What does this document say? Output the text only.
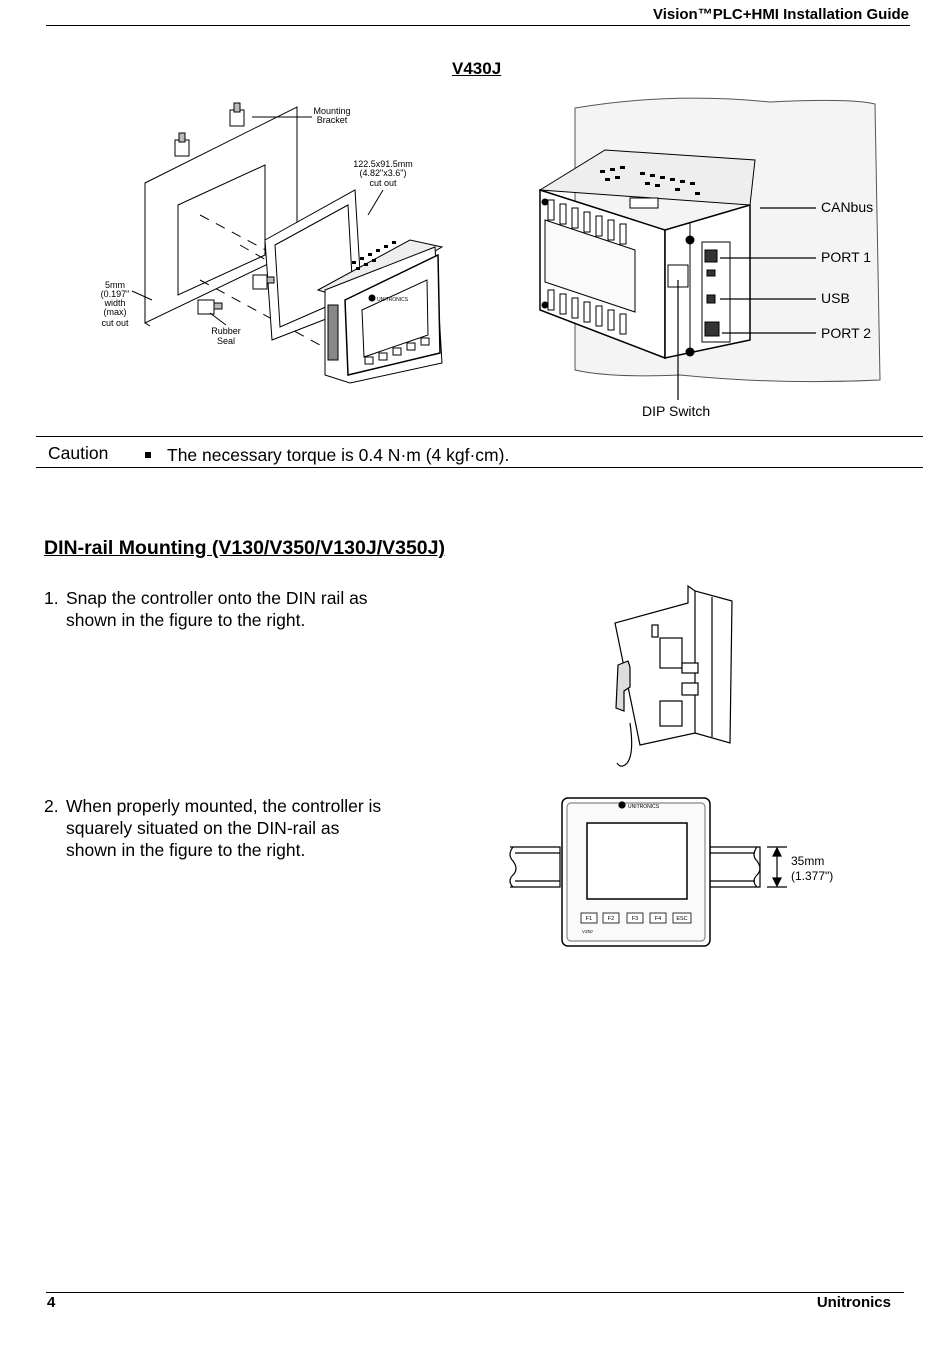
Vision™PLC+HMI Installation Guide
V430J
UNITRONICS
Mounting
Bracket
122.5x91.5mm
(4.82"x3.6")
cut out
5mm
(0.197"
width
(max)
cut out
Rubber
Seal
CANbus
PORT 1
USB
PORT 2
DIP Switch
Caution	The necessary torque is 0.4 N·m (4 kgf·cm).
DIN-rail Mounting (V130/V350/V130J/V350J)
1. Snap the controller onto the DIN rail as
shown in the figure to the right.
2. When properly mounted, the controller is
squarely situated on the DIN-rail as
shown in the figure to the right.
UNITRONICS
F1	F2	F3	F4	ESC
V350
35mm
(1.377")
4	Unitronics
